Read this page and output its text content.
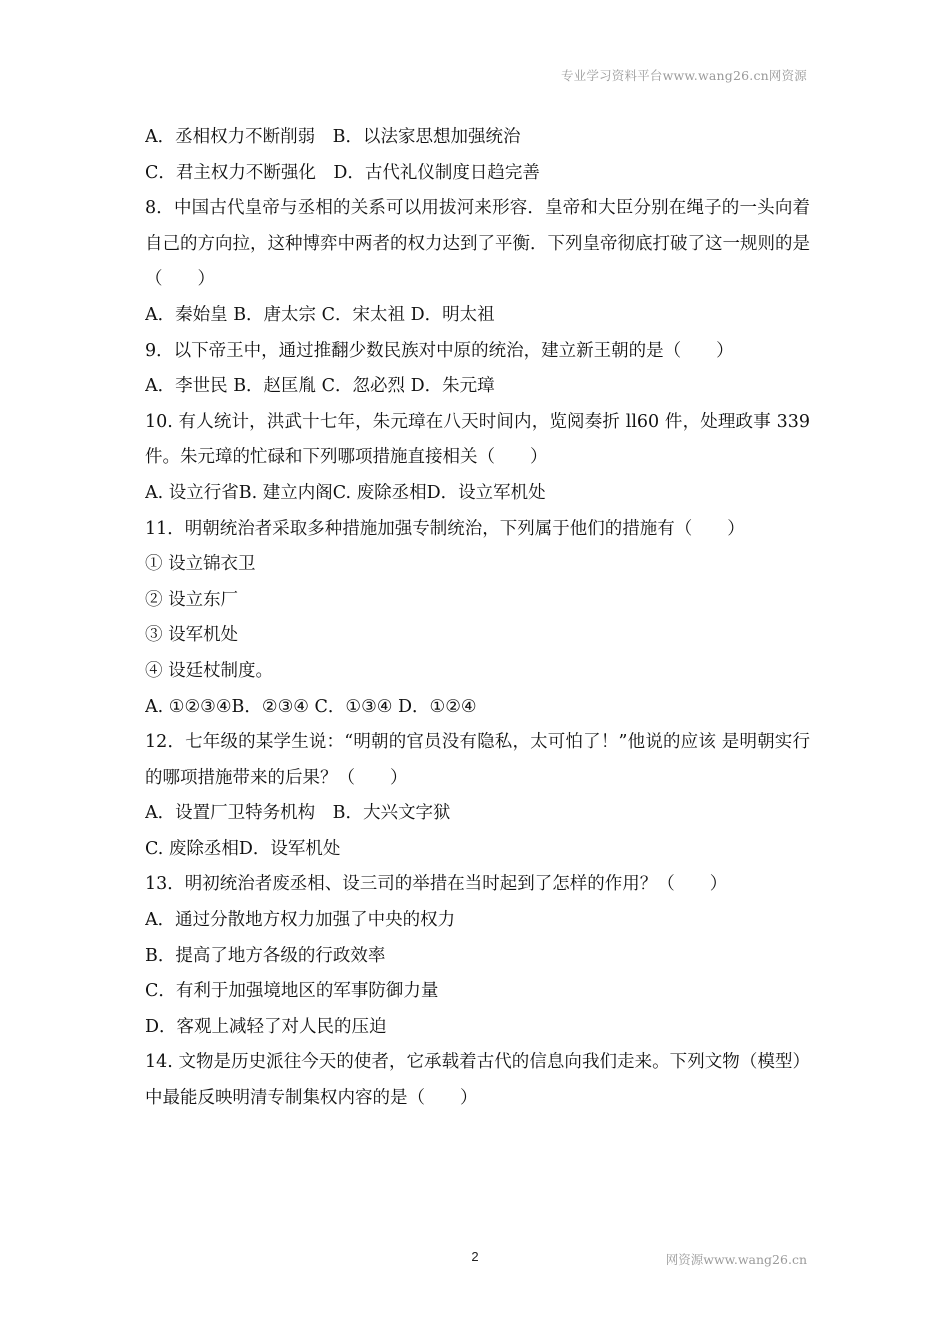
专业学习资料平台www.wang26.cn网资源
A．丞相权力不断削弱　B．以法家思想加强统治
C．君主权力不断强化　D．古代礼仪制度日趋完善
8．中国古代皇帝与丞相的关系可以用拔河来形容．皇帝和大臣分别在绳子的一头向着自己的方向拉，这种博弈中两者的权力达到了平衡．下列皇帝彻底打破了这一规则的是（　　）
A．秦始皇 B．唐太宗 C．宋太祖 D．明太祖
9．以下帝王中，通过推翻少数民族对中原的统治，建立新王朝的是（　　）
A．李世民 B．赵匡胤 C．忽必烈 D．朱元璋
10. 有人统计，洪武十七年，朱元璋在八天时间内，览阅奏折 ll60 件，处理政事 339 件。朱元璋的忙碌和下列哪项措施直接相关（　　）
A. 设立行省B. 建立内阁C. 废除丞相D．设立军机处
11．明朝统治者采取多种措施加强专制统治，下列属于他们的措施有（　　）
① 设立锦衣卫
② 设立东厂
③ 设军机处
④ 设廷杖制度。
A. ①②③④B．②③④ C．①③④ D．①②④
12．七年级的某学生说：“明朝的官员没有隐私，太可怕了！”他说的应该 是明朝实行的哪项措施带来的后果？（　　）
A．设置厂卫特务机构　B．大兴文字狱
C. 废除丞相D．设军机处
13．明初统治者废丞相、设三司的举措在当时起到了怎样的作用？（　　）
A．通过分散地方权力加强了中央的权力
B．提高了地方各级的行政效率
C．有利于加强境地区的军事防御力量
D．客观上减轻了对人民的压迫
14. 文物是历史派往今天的使者，它承载着古代的信息向我们走来。下列文物（模型）中最能反映明清专制集权内容的是（　　）
2	网资源www.wang26.cn
